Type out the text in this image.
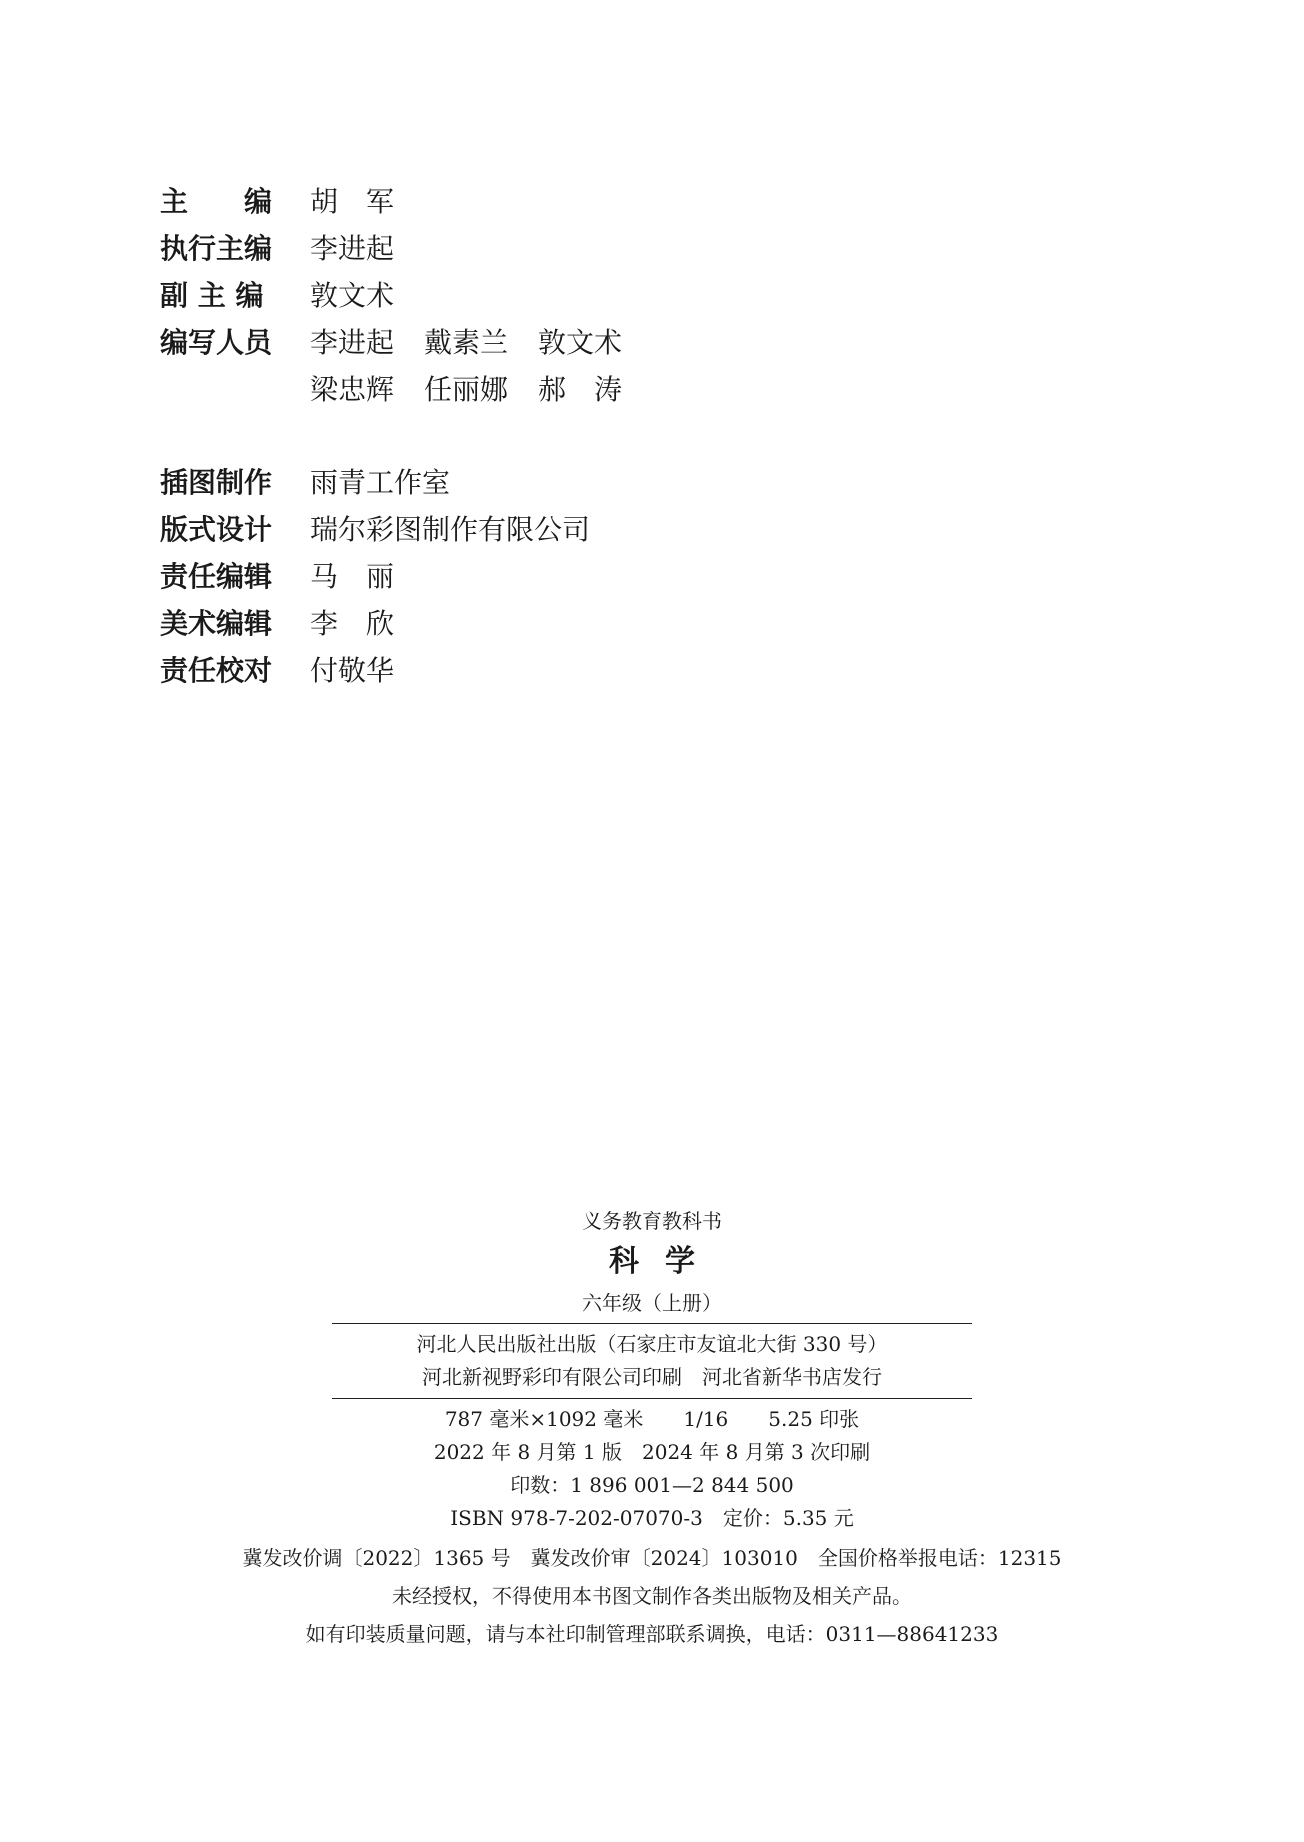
主　　编	胡　军
执行主编	李进起
副 主 编	敦文术
编写人员	李进起 戴素兰 敦文术
梁忠辉 任丽娜 郝　涛
插图制作	雨青工作室
版式设计	瑞尔彩图制作有限公司
责任编辑	马　丽
美术编辑	李　欣
责任校对	付敬华
义务教育教科书
科学
六年级（上册）
河北人民出版社出版（石家庄市友谊北大街 330 号）
河北新视野彩印有限公司印刷　河北省新华书店发行
787 毫米×1092 毫米　　1/16　　5.25 印张
2022 年 8 月第 1 版　2024 年 8 月第 3 次印刷
印数：1 896 001—2 844 500
ISBN 978-7-202-07070-3　定价：5.35 元
冀发改价调〔2022〕1365 号　冀发改价审〔2024〕103010　全国价格举报电话：12315
未经授权，不得使用本书图文制作各类出版物及相关产品。
如有印装质量问题，请与本社印制管理部联系调换，电话：0311—88641233
